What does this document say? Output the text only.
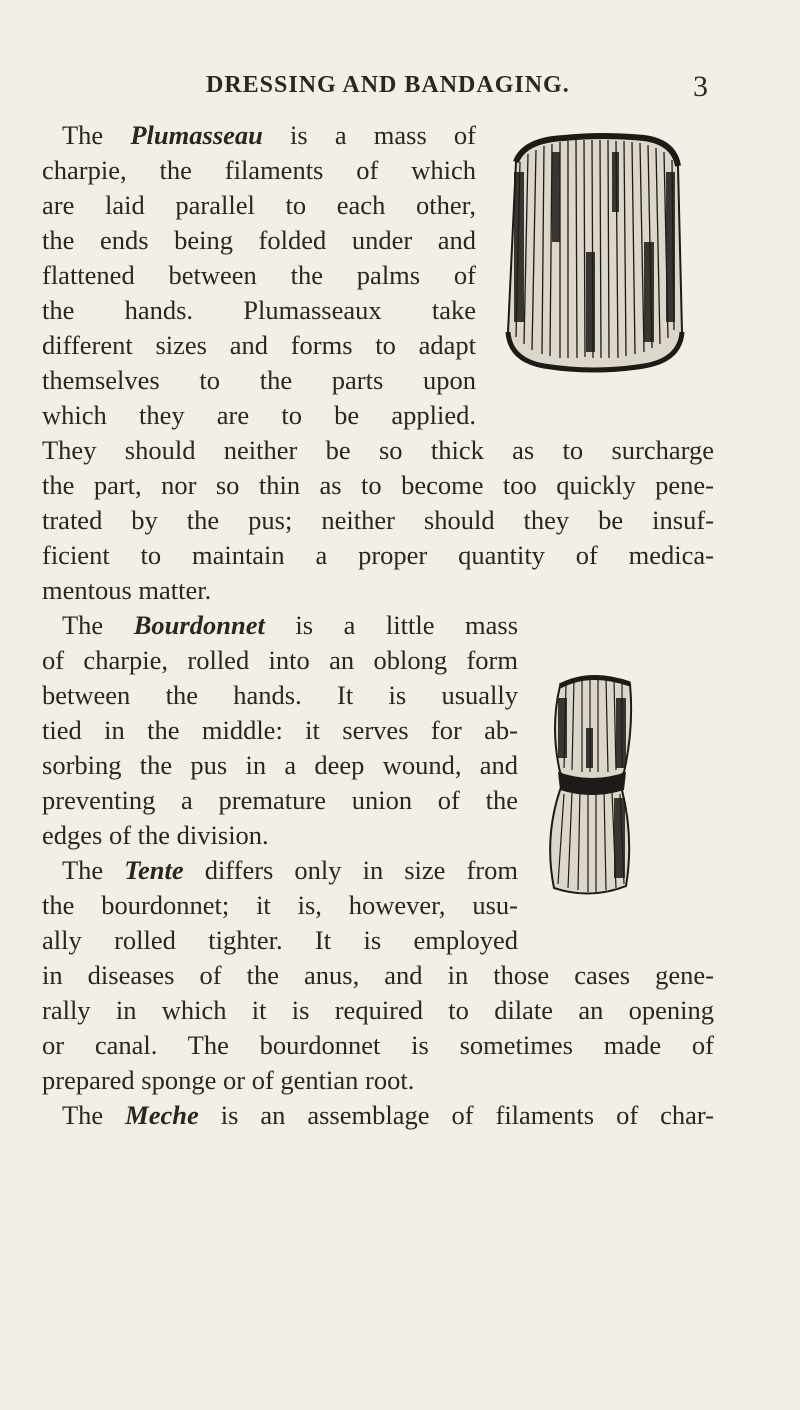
DRESSING AND BANDAGING.	3
The Plumasseau is a mass of
charpie, the filaments of which
are laid parallel to each other,
the ends being folded under and
flattened between the palms of
the hands. Plumasseaux take
different sizes and forms to adapt
themselves to the parts upon
which they are to be applied.
They should neither be so thick as to surcharge
the part, nor so thin as to become too quickly pene-
trated by the pus; neither should they be insuf-
ficient to maintain a proper quantity of medica-
mentous matter.
The Bourdonnet is a little mass
of charpie, rolled into an oblong form
between the hands. It is usually
tied in the middle: it serves for ab-
sorbing the pus in a deep wound, and
preventing a premature union of the
edges of the division.
The Tente differs only in size from
the bourdonnet; it is, however, usu-
ally rolled tighter. It is employed
in diseases of the anus, and in those cases gene-
rally in which it is required to dilate an opening
or canal. The bourdonnet is sometimes made of
prepared sponge or of gentian root.
The Meche is an assemblage of filaments of char-
